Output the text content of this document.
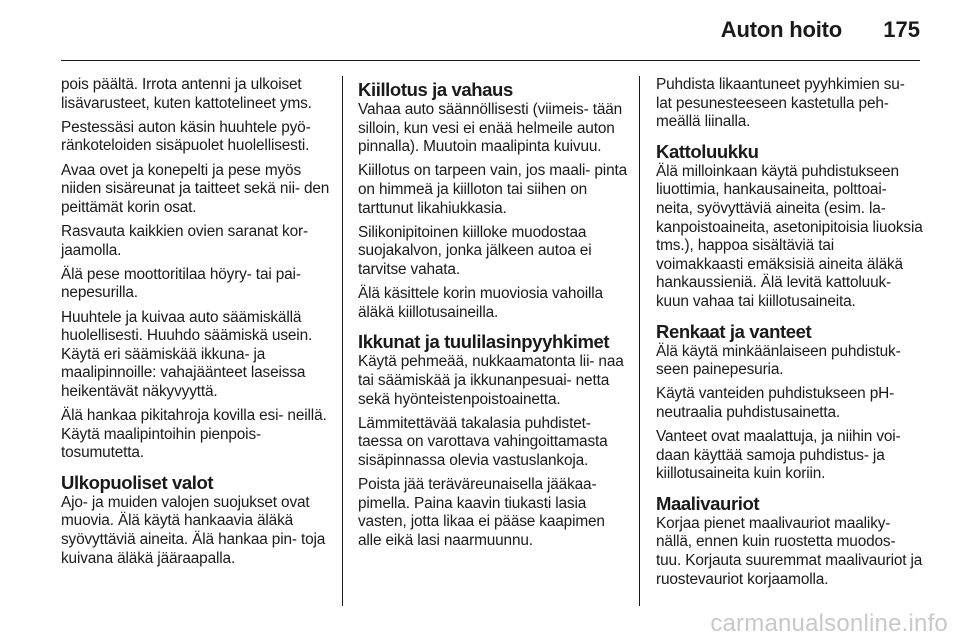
Auton hoito 175

pois päältä. Irrota antenni ja ulkoiset lisävarusteet, kuten kattotelineet yms.

Pestessäsi auton käsin huuhtele pyö- ränkoteloiden sisäpuolet huolellisesti.

Avaa ovet ja konepelti ja pese myös niiden sisäreunat ja taitteet sekä nii- den peittämät korin osat.

Rasvauta kaikkien ovien saranat kor- jaamolla.

Älä pese moottoritilaa höyry- tai pai- nepesurilla.

Huuhtele ja kuivaa auto säämiskällä huolellisesti. Huuhdo säämiskä usein. Käytä eri säämiskää ikkuna- ja maalipinnoille: vahajäänteet laseissa heikentävät näkyvyyttä.

Älä hankaa pikitahroja kovilla esi- neillä. Käytä maalipintoihin pienpois- tosumutetta.

Ulkopuoliset valot

Ajo- ja muiden valojen suojukset ovat muovia. Älä käytä hankaavia äläkä syövyttäviä aineita. Älä hankaa pin- toja kuivana äläkä jääraapalla.

Kiillotus ja vahaus

Vahaa auto säännöllisesti (viimeis- tään silloin, kun vesi ei enää helmeile auton pinnalla). Muutoin maalipinta kuivuu.

Kiillotus on tarpeen vain, jos maali- pinta on himmeä ja kiilloton tai siihen on tarttunut likahiukkasia.

Silikonipitoinen kiilloke muodostaa suojakalvon, jonka jälkeen autoa ei tarvitse vahata.

Älä käsittele korin muoviosia vahoilla äläkä kiillotusaineilla.

Ikkunat ja tuulilasinpyyhkimet

Käytä pehmeää, nukkaamatonta lii- naa tai säämiskää ja ikkunanpesuai- netta sekä hyönteistenpoistoainetta.

Lämmitettävää takalasia puhdistet- taessa on varottava vahingoittamasta sisäpinnassa olevia vastuslankoja.

Poista jää teräväreunaisella jääkaa- pimella. Paina kaavin tiukasti lasia vasten, jotta likaa ei pääse kaapimen alle eikä lasi naarmuunnu.

Puhdista likaantuneet pyyhkimien su- lat pesunesteeseen kastetulla peh- meällä liinalla.

Kattoluukku

Älä milloinkaan käytä puhdistukseen liuottimia, hankausaineita, polttoai- neita, syövyttäviä aineita (esim. la- kanpoistoaineita, asetonipitoisia liuoksia tms.), happoa sisältäviä tai voimakkaasti emäksisiä aineita äläkä hankaussieniä. Älä levitä kattoluuk- kuun vahaa tai kiillotusaineita.

Renkaat ja vanteet

Älä käytä minkäänlaiseen puhdistuk- seen painepesuria.

Käytä vanteiden puhdistukseen pH- neutraalia puhdistusainetta.

Vanteet ovat maalattuja, ja niihin voi- daan käyttää samoja puhdistus- ja kiillotusaineita kuin koriin.

Maalivauriot

Korjaa pienet maalivauriot maaliky- nällä, ennen kuin ruostetta muodos- tuu. Korjauta suuremmat maalivauriot ja ruostevauriot korjaamolla.

carmanualsonline.info
